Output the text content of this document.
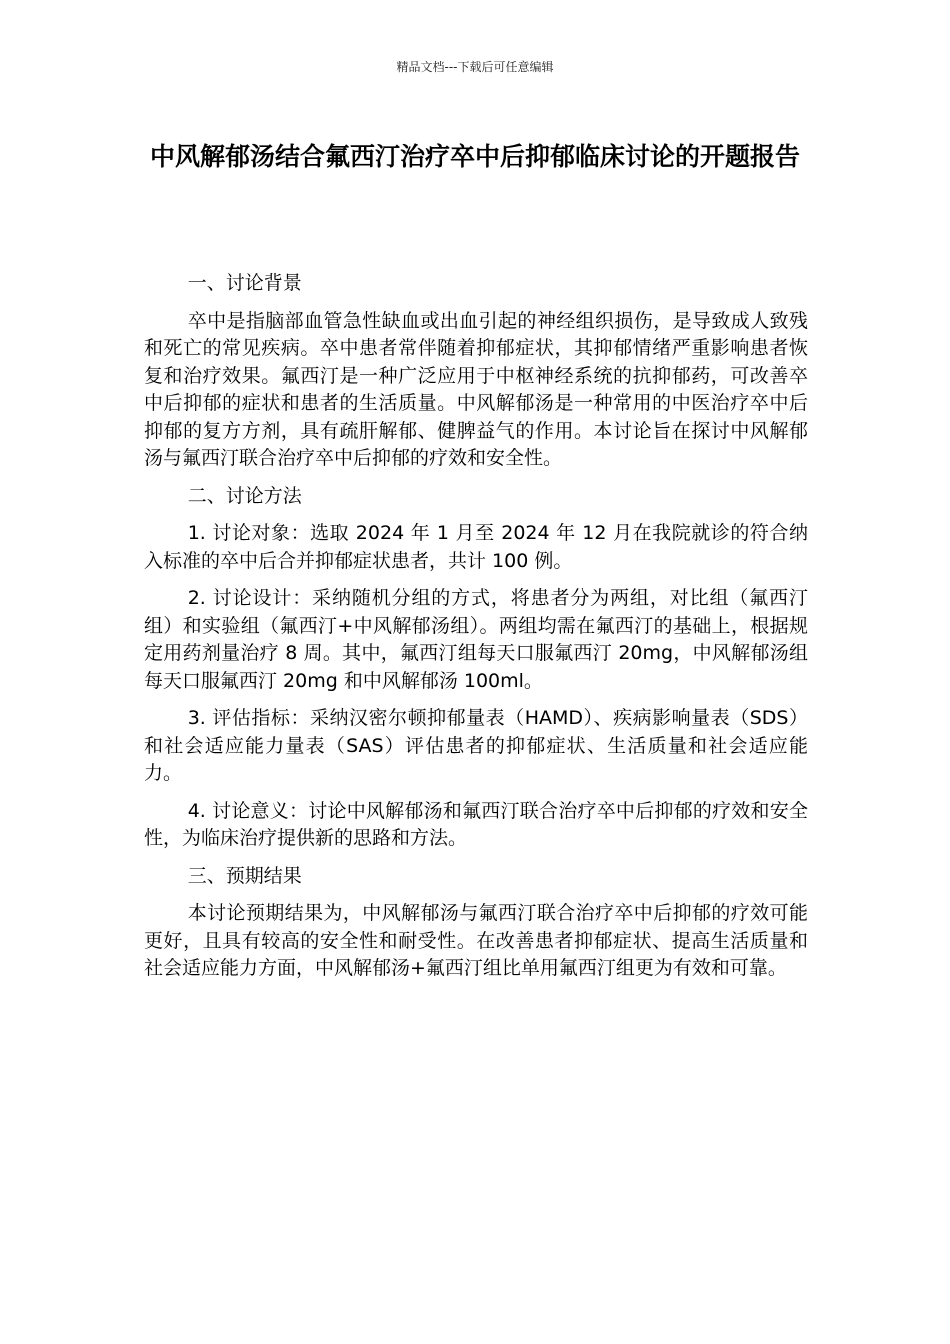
精品文档---下载后可任意编辑
中风解郁汤结合氟西汀治疗卒中后抑郁临床讨论的开题报告
一、讨论背景

卒中是指脑部血管急性缺血或出血引起的神经组织损伤，是导致成人致残和死亡的常见疾病。卒中患者常伴随着抑郁症状，其抑郁情绪严重影响患者恢复和治疗效果。氟西汀是一种广泛应用于中枢神经系统的抗抑郁药，可改善卒中后抑郁的症状和患者的生活质量。中风解郁汤是一种常用的中医治疗卒中后抑郁的复方方剂，具有疏肝解郁、健脾益气的作用。本讨论旨在探讨中风解郁汤与氟西汀联合治疗卒中后抑郁的疗效和安全性。

二、讨论方法

1. 讨论对象：选取 2024 年 1 月至 2024 年 12 月在我院就诊的符合纳入标准的卒中后合并抑郁症状患者，共计 100 例。

2. 讨论设计：采纳随机分组的方式，将患者分为两组，对比组（氟西汀组）和实验组（氟西汀+中风解郁汤组）。两组均需在氟西汀的基础上，根据规定用药剂量治疗 8 周。其中，氟西汀组每天口服氟西汀 20mg，中风解郁汤组每天口服氟西汀 20mg 和中风解郁汤 100ml。

3. 评估指标：采纳汉密尔顿抑郁量表（HAMD）、疾病影响量表（SDS）和社会适应能力量表（SAS）评估患者的抑郁症状、生活质量和社会适应能力。

4. 讨论意义：讨论中风解郁汤和氟西汀联合治疗卒中后抑郁的疗效和安全性，为临床治疗提供新的思路和方法。

三、预期结果

本讨论预期结果为，中风解郁汤与氟西汀联合治疗卒中后抑郁的疗效可能更好，且具有较高的安全性和耐受性。在改善患者抑郁症状、提高生活质量和社会适应能力方面，中风解郁汤+氟西汀组比单用氟西汀组更为有效和可靠。
